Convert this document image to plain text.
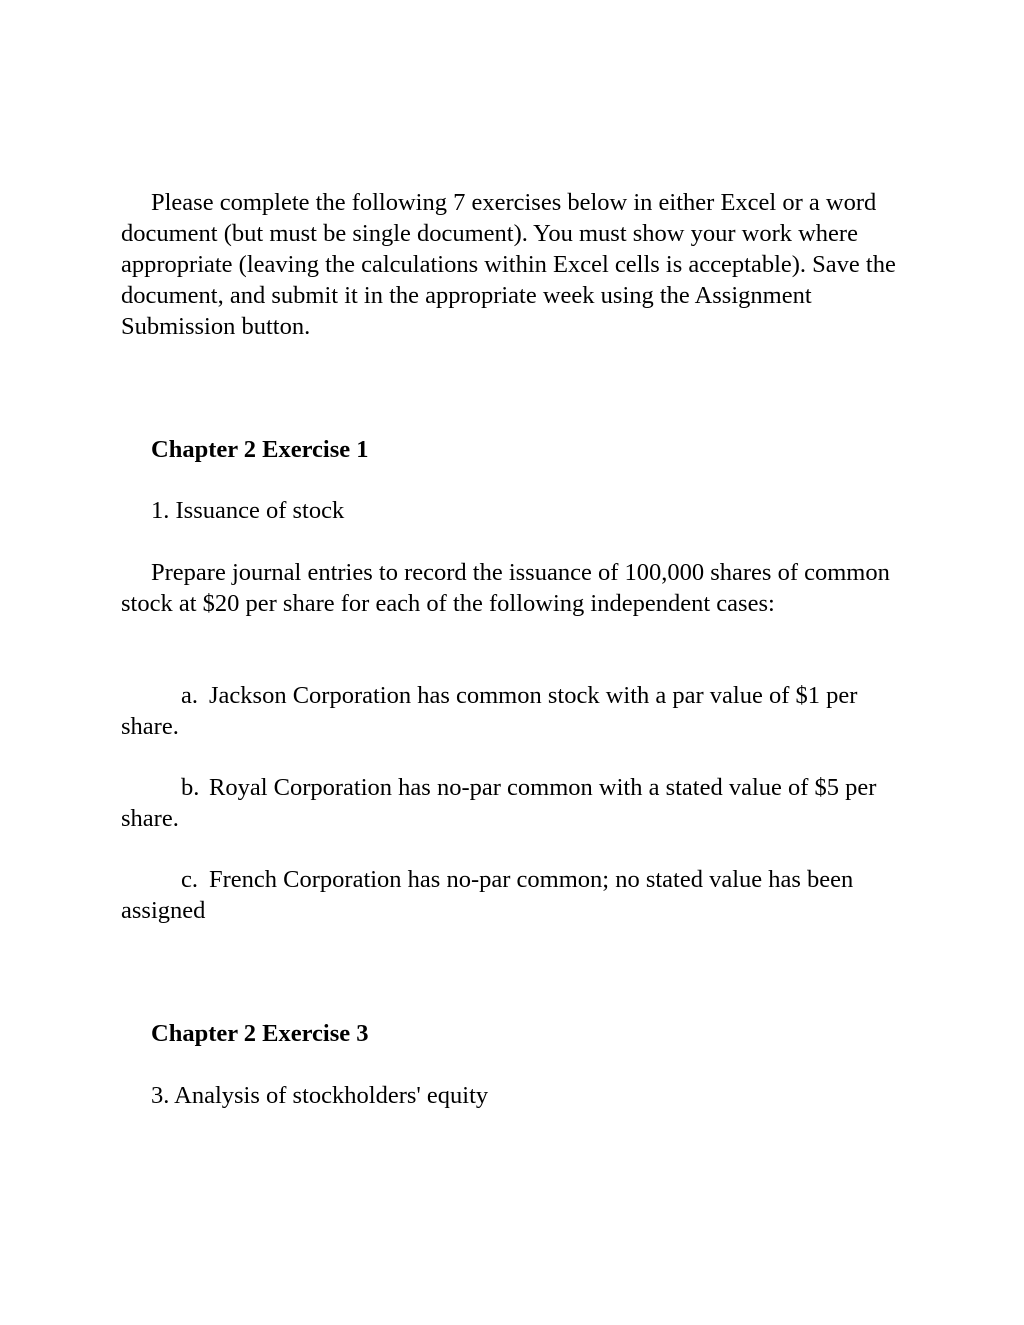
Please complete the following 7 exercises below in either Excel or a word document (but must be single document). You must show your work where appropriate (leaving the calculations within Excel cells is acceptable). Save the document, and submit it in the appropriate week using the Assignment Submission button.

Chapter 2 Exercise 1

1. Issuance of stock

Prepare journal entries to record the issuance of 100,000 shares of common stock at $20 per share for each of the following independent cases:

a. Jackson Corporation has common stock with a par value of $1 per share.

b. Royal Corporation has no-par common with a stated value of $5 per share.

c. French Corporation has no-par common; no stated value has been assigned

Chapter 2 Exercise 3

3. Analysis of stockholders' equity
